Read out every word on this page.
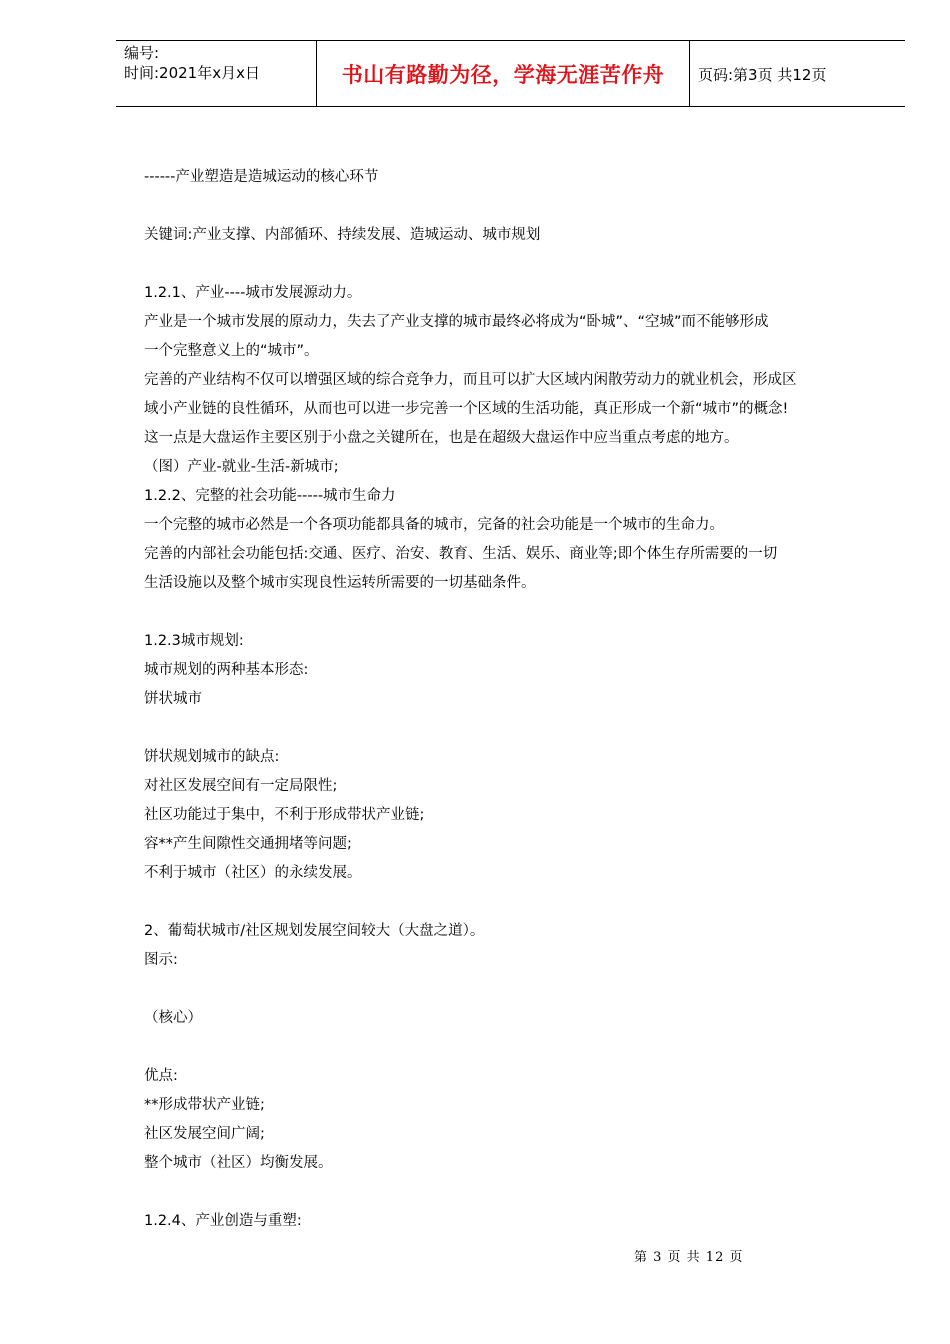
编号:
时间:2021年x月x日	书山有路勤为径，学海无涯苦作舟 页码:第3页 共12页

------产业塑造是造城运动的核心环节

关键词:产业支撑、内部循环、持续发展、造城运动、城市规划

1.2.1、产业----城市发展源动力。

产业是一个城市发展的原动力，失去了产业支撑的城市最终必将成为“卧城”、“空城”而不能够形成

一个完整意义上的“城市”。

完善的产业结构不仅可以增强区域的综合竞争力，而且可以扩大区域内闲散劳动力的就业机会，形成区

域小产业链的良性循环，从而也可以进一步完善一个区域的生活功能，真正形成一个新“城市”的概念!

这一点是大盘运作主要区别于小盘之关键所在，也是在超级大盘运作中应当重点考虑的地方。

（图）产业-就业-生活-新城市;

1.2.2、完整的社会功能-----城市生命力

一个完整的城市必然是一个各项功能都具备的城市，完备的社会功能是一个城市的生命力。

完善的内部社会功能包括:交通、医疗、治安、教育、生活、娱乐、商业等;即个体生存所需要的一切

生活设施以及整个城市实现良性运转所需要的一切基础条件。

1.2.3城市规划:

城市规划的两种基本形态:

饼状城市

饼状规划城市的缺点:

对社区发展空间有一定局限性;

社区功能过于集中，不利于形成带状产业链;

容**产生间隙性交通拥堵等问题;

不利于城市（社区）的永续发展。

2、葡萄状城市/社区规划发展空间较大（大盘之道）。

图示:

（核心）

优点:

**形成带状产业链;

社区发展空间广阔;

整个城市（社区）均衡发展。

1.2.4、产业创造与重塑:

第 3 页 共 12 页
